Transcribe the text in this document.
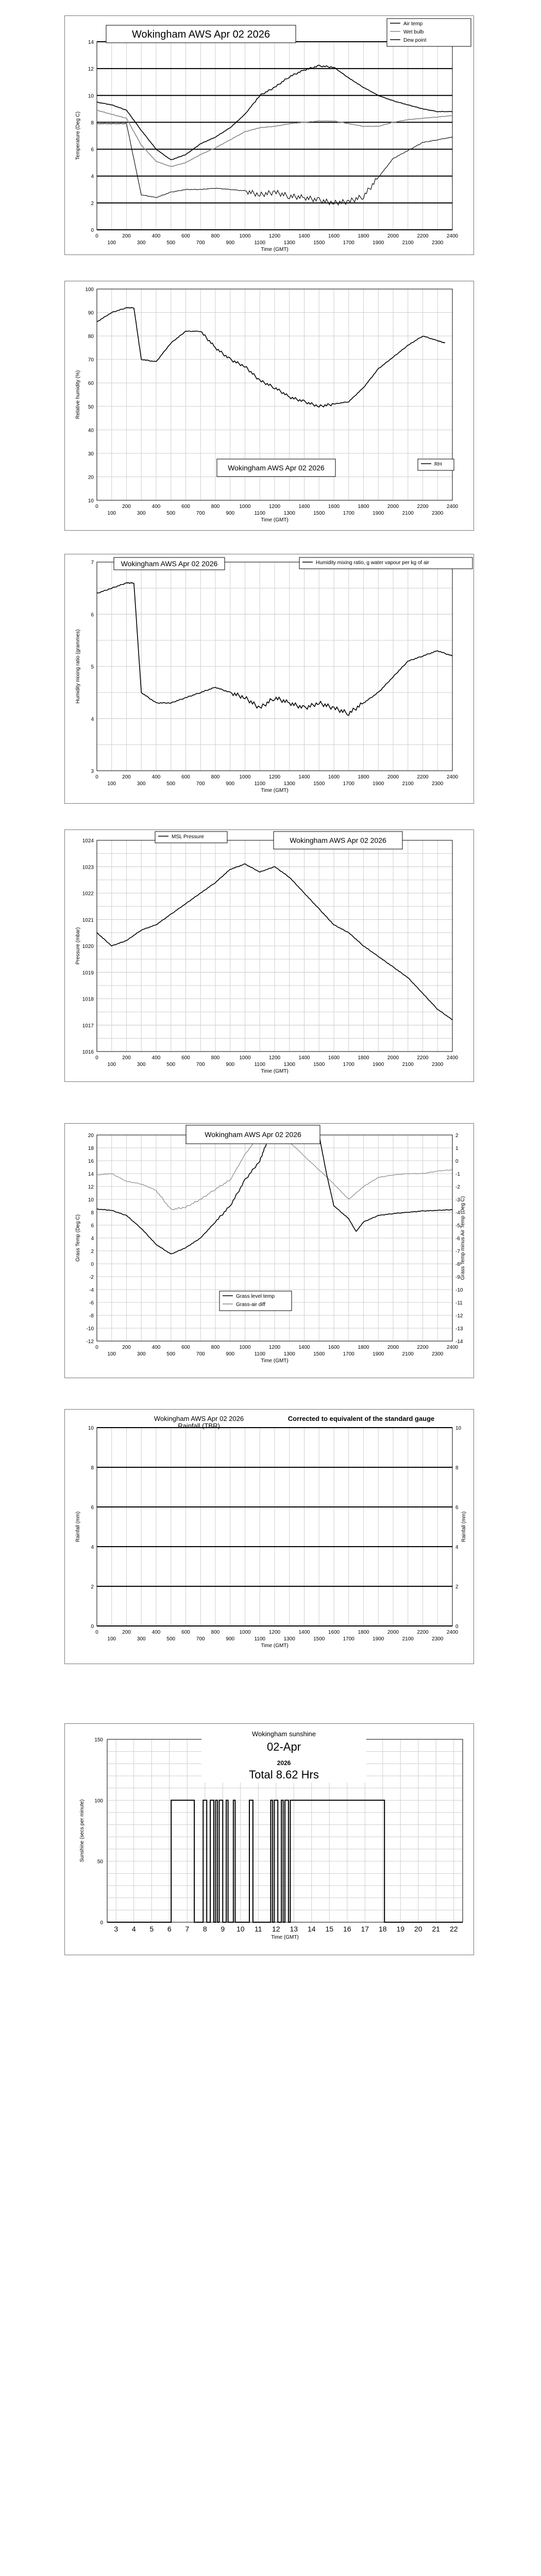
0
2
4
6
8
10
12
14
0	200	400	600	800	1000	1200	1400	1600	1800	2000	2200	2400
100	300	500	700	900	1100	1300	1500	1700	1900	2100	2300
Time (GMT)
Temperature (Deg C)
Wokingham AWS Apr 02 2026
Air temp
Wet bulb
Dew point
10
20
30
40
50
60
70
80
90
100
0	200	400	600	800	1000	1200	1400	1600	1800	2000	2200	2400
100	300	500	700	900	1100	1300	1500	1700	1900	2100	2300
Time (GMT)
Relative humidity (%)
Wokingham AWS Apr 02 2026	RH
3
4
5
6
7
0	200	400	600	800	1000	1200	1400	1600	1800	2000	2200	2400
100	300	500	700	900	1100	1300	1500	1700	1900	2100	2300
Time (GMT)
Humidity mixing ratio (grammes)
Wokingham AWS Apr 02 2026	Humidity mixing ratio, g water vapour per kg of air
1016
1017
1018
1019
1020
1021
1022
1023
1024
0	200	400	600	800	1000	1200	1400	1600	1800	2000	2200	2400
100	300	500	700	900	1100	1300	1500	1700	1900	2100	2300
Time (GMT)
Pressure (mbar)
MSL Pressure	Wokingham AWS Apr 02 2026
-12
-10
-8
-6
-4
-2
0
2
4
6
8
10
12
14
16
18
20
0	200	400	600	800	1000	1200	1400	1600	1800	2000	2200	2400
100	300	500	700	900	1100	1300	1500	1700	1900	2100	2300
Time (GMT)
Grass Temp (Deg C)
-14
-13
-12
-11
-10
-9
-8
-7
-6
-5
-4
-3
-2
-1
0
1
2
Grass Temp minus Air Temp (Deg C)
Wokingham AWS Apr 02 2026
Grass level temp
Grass-air diff
0
2
4
6
8
10
0	200	400	600	800	1000	1200	1400	1600	1800	2000	2200	2400
100	300	500	700	900	1100	1300	1500	1700	1900	2100	2300
Time (GMT)
Rainfall (mm)
0
2
4
6
8
10
Rainfall (mm)
Wokingham AWS Apr 02 2026
Rainfall (TBR)
Corrected to equivalent of the standard gauge
0
50
100
150
3 4 5 6 7 8 9 10 11 12 13 14 15 16 17 18 19 20 21 22
Time (GMT)
Sunshine (secs per minute)
Wokingham sunshine
02-Apr
2026
Total 8.62 Hrs
